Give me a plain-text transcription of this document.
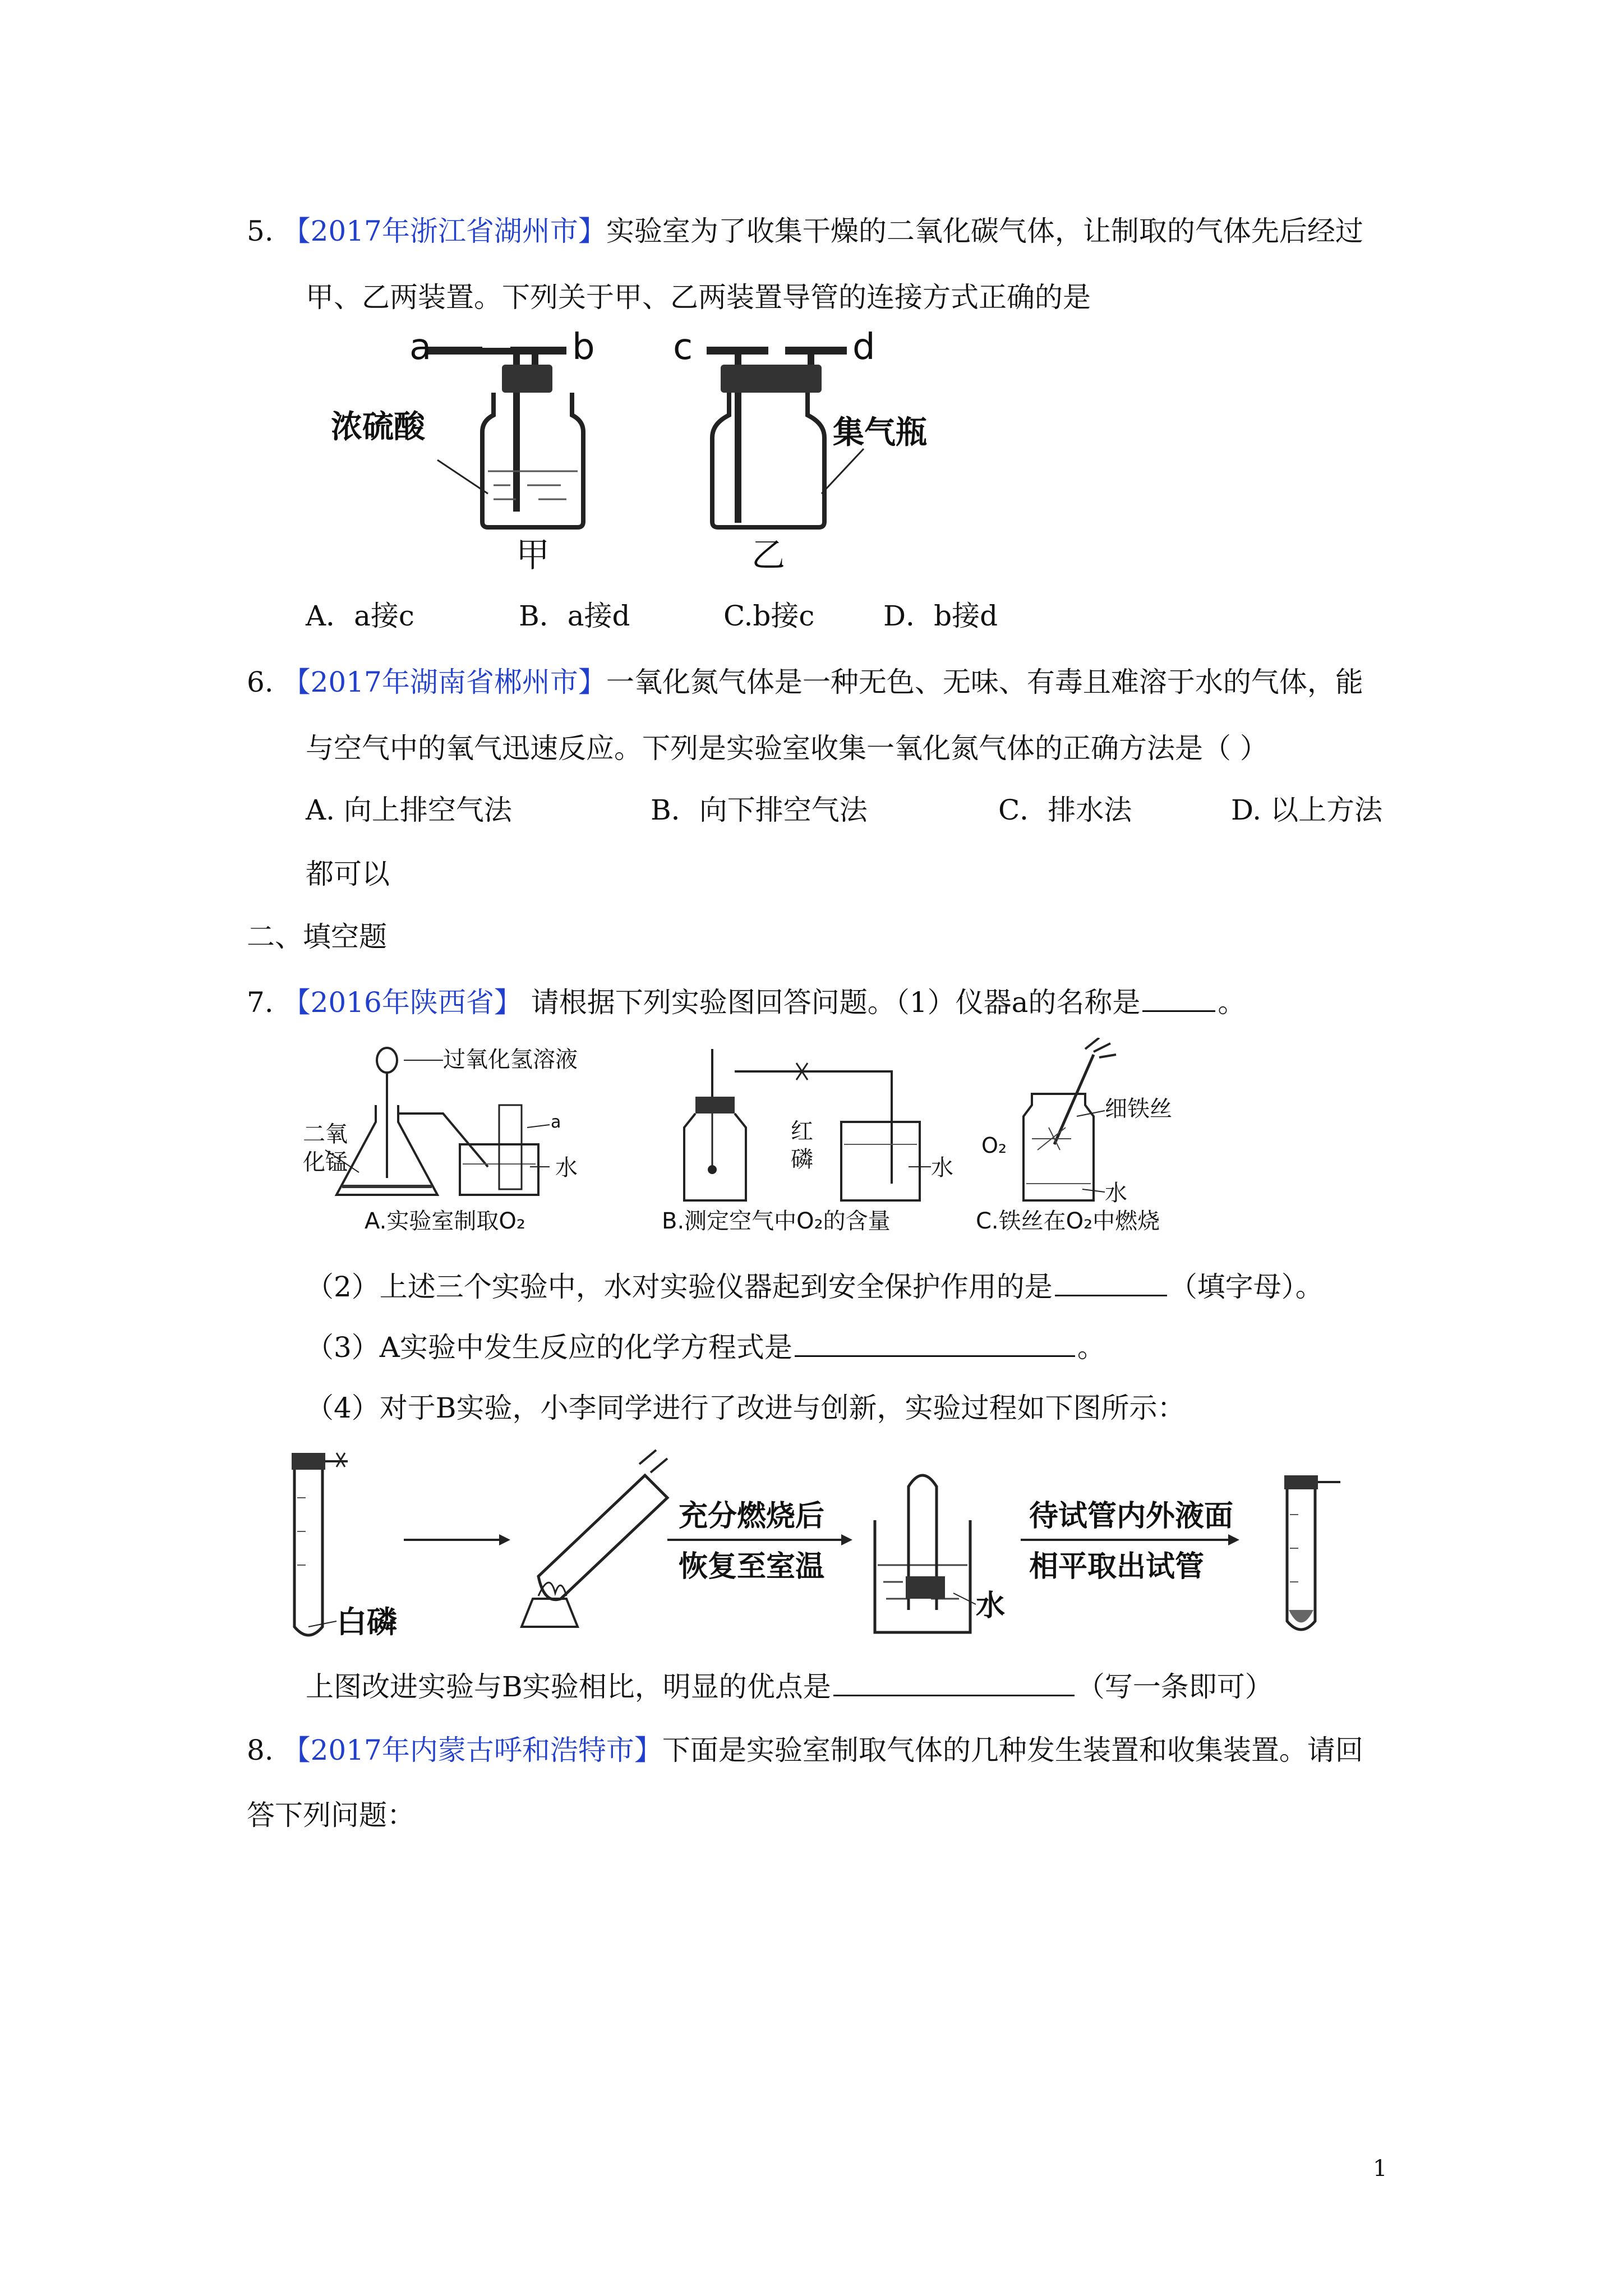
5. 【2017年浙江省湖州市】实验室为了收集干燥的二氧化碳气体，让制取的气体先后经过
甲、乙两装置。下列关于甲、乙两装置导管的连接方式正确的是
a	b
浓硫酸
甲
c	d
集气瓶
乙
A．a接c	B．a接d	C.b接c D．b接d
6. 【2017年湖南省郴州市】一氧化氮气体是一种无色、无味、有毒且难溶于水的气体，能
与空气中的氧气迅速反应。下列是实验室收集一氧化氮气体的正确方法是（ ）
A. 向上排空气法	B．向下排空气法	C．排水法	D. 以上方法
都可以
二、填空题
7. 【2016年陕西省】 请根据下列实验图回答问题。（1）仪器a的名称是	。
过氧化氢溶液
二氧
化锰
a
水
A.实验室制取O₂
红
磷	水
B.测定空气中O₂的含量
O₂
细铁丝
水
C.铁丝在O₂中燃烧
（2）上述三个实验中，水对实验仪器起到安全保护作用的是	（填字母）。
（3）A实验中发生反应的化学方程式是	。
（4）对于B实验，小李同学进行了改进与创新，实验过程如下图所示：
白磷
充分燃烧后
恢复至室温
水
待试管内外液面
相平取出试管
上图改进实验与B实验相比，明显的优点是	（写一条即可）
8. 【2017年内蒙古呼和浩特市】下面是实验室制取气体的几种发生装置和收集装置。请回
答下列问题：
1
